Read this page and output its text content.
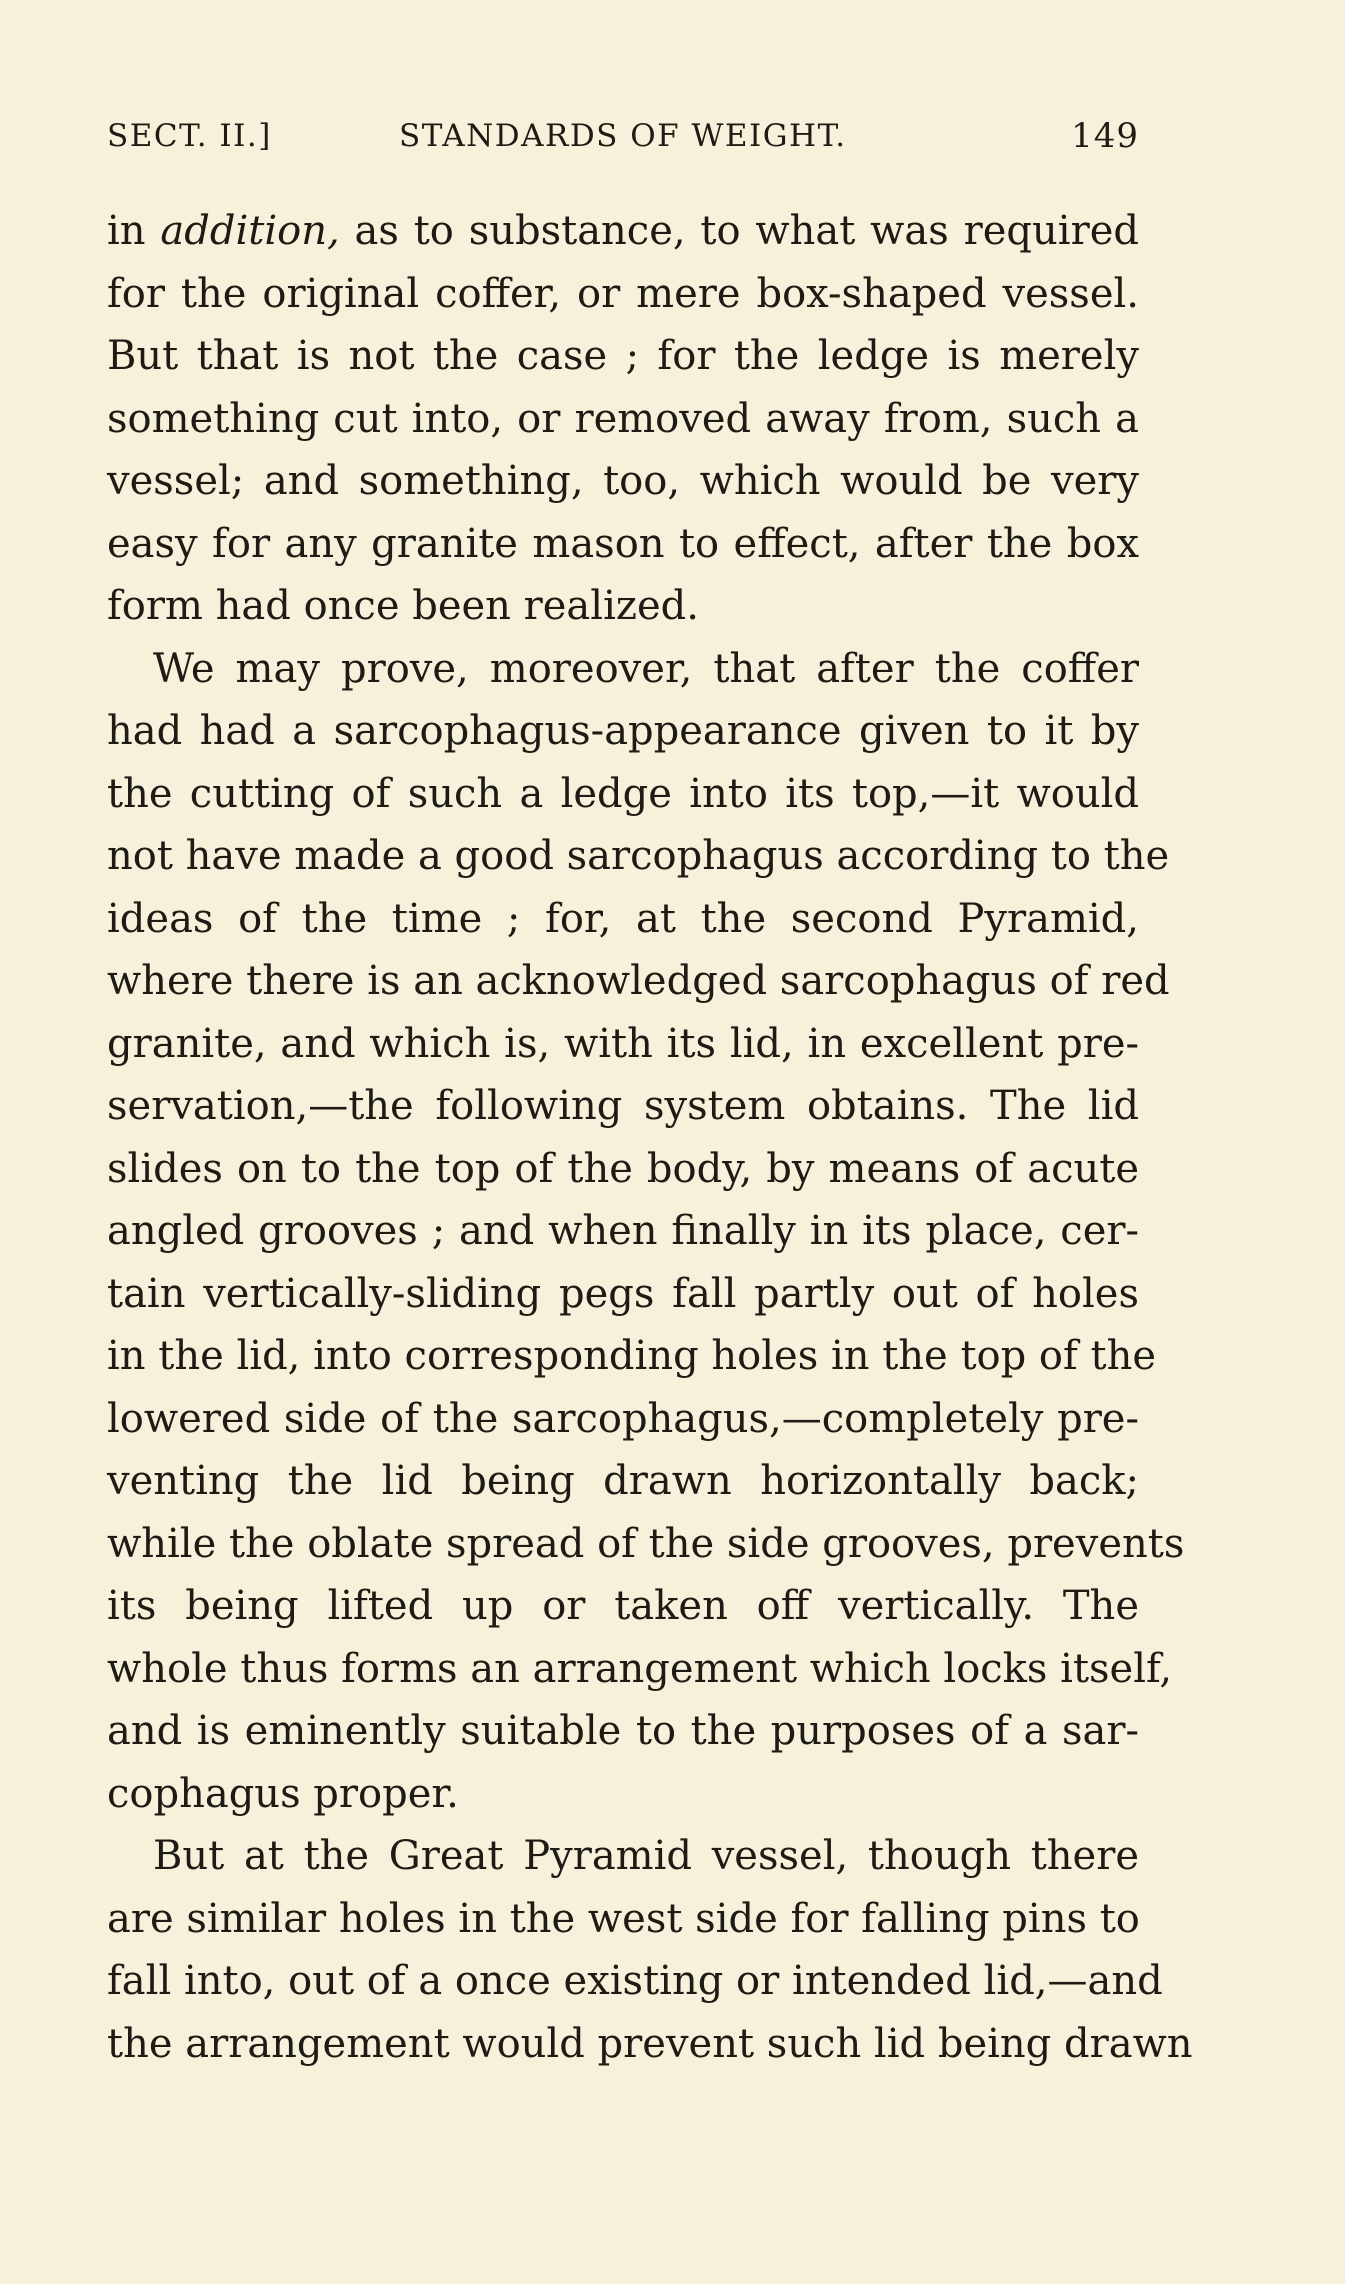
SECT. II.]	STANDARDS OF WEIGHT.	149
in addition, as to substance, to what was required
for the original coffer, or mere box-shaped vessel.
But that is not the case ; for the ledge is merely
something cut into, or removed away from, such a
vessel; and something, too, which would be very
easy for any granite mason to effect, after the box
form had once been realized.
We may prove, moreover, that after the coffer
had had a sarcophagus-appearance given to it by
the cutting of such a ledge into its top,—it would
not have made a good sarcophagus according to the
ideas of the time ; for, at the second Pyramid,
where there is an acknowledged sarcophagus of red
granite, and which is, with its lid, in excellent pre-
servation,—the following system obtains. The lid
slides on to the top of the body, by means of acute
angled grooves ; and when finally in its place, cer-
tain vertically-sliding pegs fall partly out of holes
in the lid, into corresponding holes in the top of the
lowered side of the sarcophagus,—completely pre-
venting the lid being drawn horizontally back;
while the oblate spread of the side grooves, prevents
its being lifted up or taken off vertically. The
whole thus forms an arrangement which locks itself,
and is eminently suitable to the purposes of a sar-
cophagus proper.
But at the Great Pyramid vessel, though there
are similar holes in the west side for falling pins to
fall into, out of a once existing or intended lid,—and
the arrangement would prevent such lid being drawn
